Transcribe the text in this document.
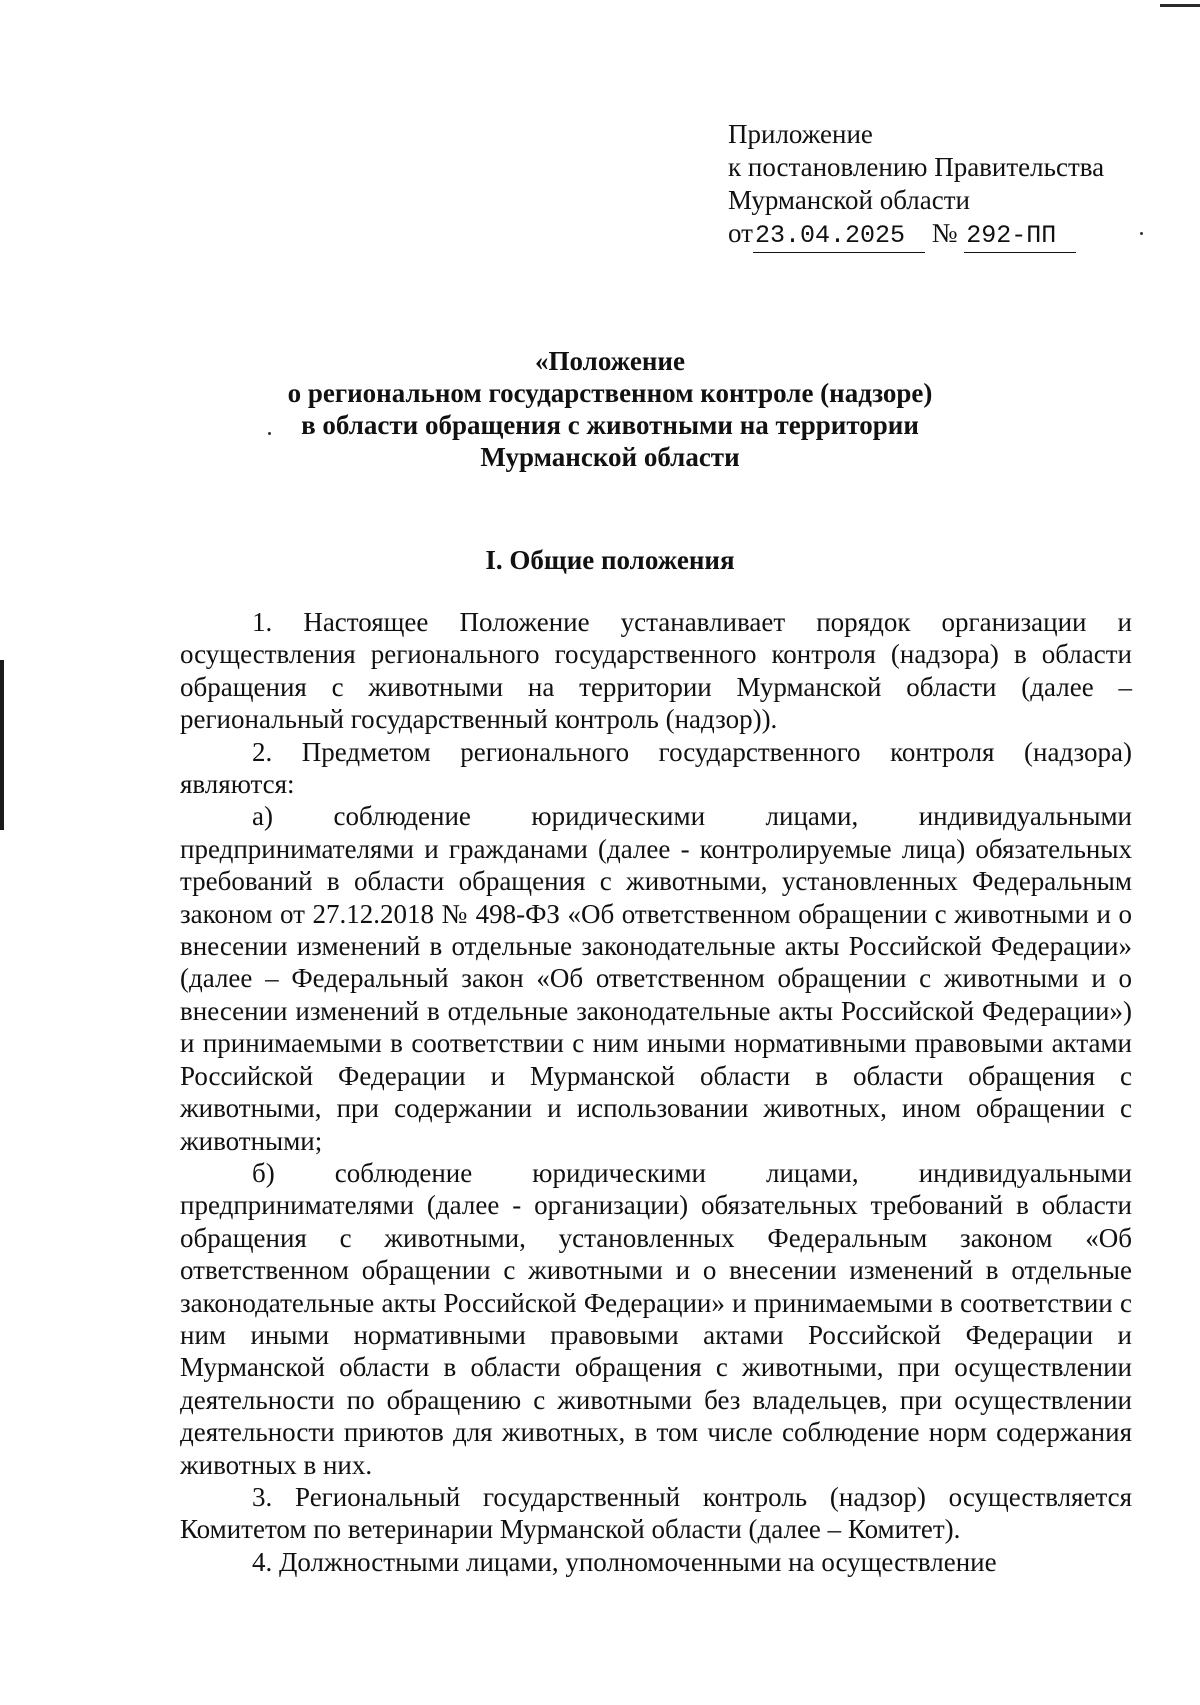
Приложение
к постановлению Правительства
Мурманской области
от23.04.2025 № 292-ПП
«Положение
о региональном государственном контроле (надзоре)
в области обращения с животными на территории
Мурманской области
I. Общие положения

1. Настоящее Положение устанавливает порядок организации и осуществления регионального государственного контроля (надзора) в области обращения с животными на территории Мурманской области (далее – региональный государственный контроль (надзор)).

2. Предметом регионального государственного контроля (надзора) являются:

а) соблюдение юридическими лицами, индивидуальными предпринимателями и гражданами (далее - контролируемые лица) обязательных требований в области обращения с животными, установленных Федеральным законом от 27.12.2018 № 498-ФЗ «Об ответственном обращении с животными и о внесении изменений в отдельные законодательные акты Российской Федерации» (далее – Федеральный закон «Об ответственном обращении с животными и о внесении изменений в отдельные законодательные акты Российской Федерации») и принимаемыми в соответствии с ним иными нормативными правовыми актами Российской Федерации и Мурманской области в области обращения с животными, при содержании и использовании животных, ином обращении с животными;

б) соблюдение юридическими лицами, индивидуальными предпринимателями (далее - организации) обязательных требований в области обращения с животными, установленных Федеральным законом «Об ответственном обращении с животными и о внесении изменений в отдельные законодательные акты Российской Федерации» и принимаемыми в соответствии с ним иными нормативными правовыми актами Российской Федерации и Мурманской области в области обращения с животными, при осуществлении деятельности по обращению с животными без владельцев, при осуществлении деятельности приютов для животных, в том числе соблюдение норм содержания животных в них.

3. Региональный государственный контроль (надзор) осуществляется Комитетом по ветеринарии Мурманской области (далее – Комитет).

4. Должностными лицами, уполномоченными на осуществление
